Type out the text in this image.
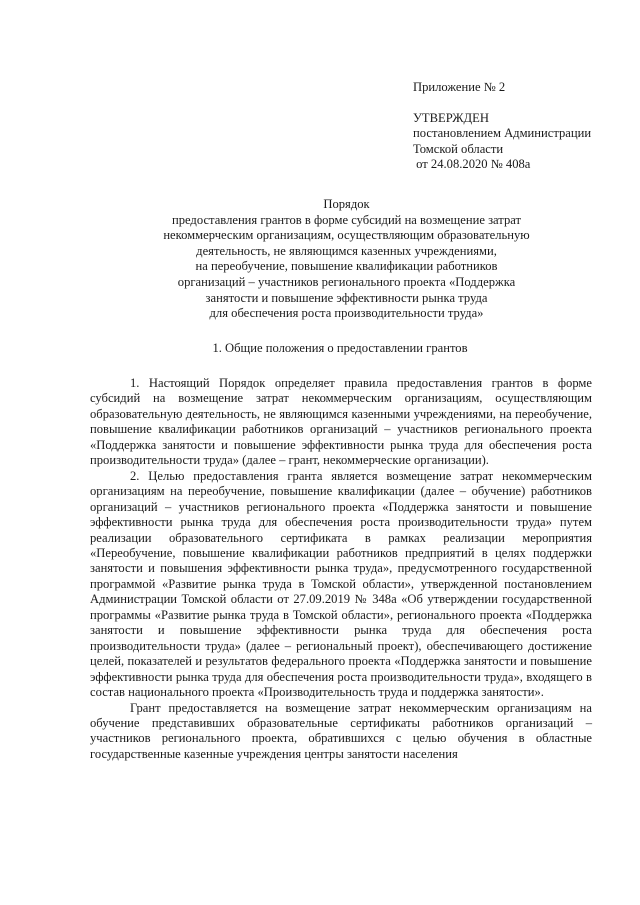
Приложение № 2
УТВЕРЖДЕН
постановлением Администрации
Томской области
от 24.08.2020 № 408а
Порядок
предоставления грантов в форме субсидий на возмещение затрат
некоммерческим организациям, осуществляющим образовательную
деятельность, не являющимся казенных учреждениями,
на переобучение, повышение квалификации работников
организаций – участников регионального проекта «Поддержка
занятости и повышение эффективности рынка труда
для обеспечения роста производительности труда»
1. Общие положения о предоставлении грантов

1. Настоящий Порядок определяет правила предоставления грантов в форме субсидий на возмещение затрат некоммерческим организациям, осуществляющим образовательную деятельность, не являющимся казенными учреждениями, на переобучение, повышение квалификации работников организаций – участников регионального проекта «Поддержка занятости и повышение эффективности рынка труда для обеспечения роста производительности труда» (далее – грант, некоммерческие организации).

2. Целью предоставления гранта является возмещение затрат некоммерческим организациям на переобучение, повышение квалификации (далее – обучение) работников организаций – участников регионального проекта «Поддержка занятости и повышение эффективности рынка труда для обеспечения роста производительности труда» путем реализации образовательного сертификата в рамках реализации мероприятия «Переобучение, повышение квалификации работников предприятий в целях поддержки занятости и повышения эффективности рынка труда», предусмотренного государственной программой «Развитие рынка труда в Томской области», утвержденной постановлением Администрации Томской области от 27.09.2019 № 348а «Об утверждении государственной программы «Развитие рынка труда в Томской области», регионального проекта «Поддержка занятости и повышение эффективности рынка труда для обеспечения роста производительности труда» (далее – региональный проект), обеспечивающего достижение целей, показателей и результатов федерального проекта «Поддержка занятости и повышение эффективности рынка труда для обеспечения роста производительности труда», входящего в состав национального проекта «Производительность труда и поддержка занятости».

Грант предоставляется на возмещение затрат некоммерческим организациям на обучение представивших образовательные сертификаты работников организаций – участников регионального проекта, обратившихся с целью обучения в областные государственные казенные учреждения центры занятости населения
